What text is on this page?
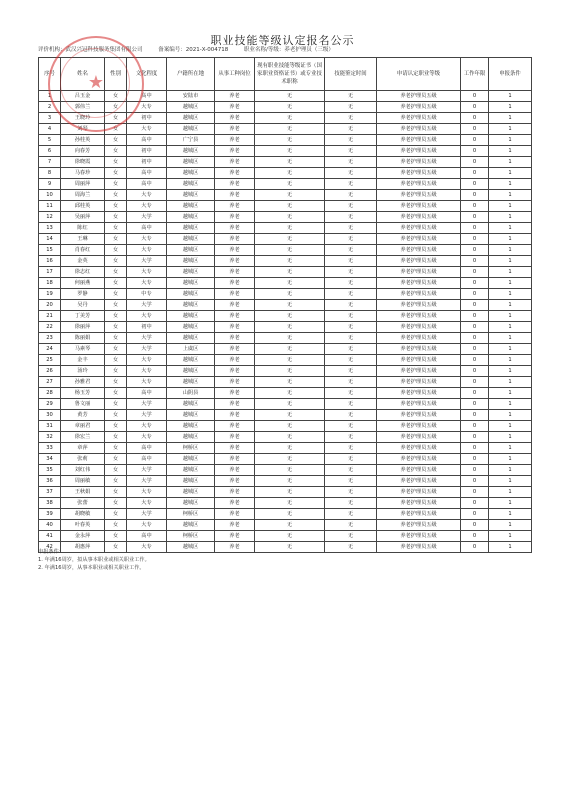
职业技能等级认定报名公示
评价机构：武汉兴冠科技服务集团有限公司	备案编号：2021-X-004718	职业名称/等级：养老护理员（三级）
序号	姓名	性别	文化程度	户籍所在地	从事工种岗位	现有职业技能等级证书（国家职业资格证书）或专业技术职称	技能鉴定时间	申请认定职业等级	工作年限	申报条件
1	吕玉金	女	高中	安陆市	养老	无	无	养老护理员五级	0	1
2	郭伟兰	女	大专	越城区	养老	无	无	养老护理员五级	0	1
3	王晓玲	女	初中	越城区	养老	无	无	养老护理员五级	0	1
4	刘琴	女	大专	越城区	养老	无	无	养老护理员五级	0	1
5	孙桂英	女	高中	广宁县	养老	无	无	养老护理员五级	0	1
6	向春芳	女	初中	越城区	养老	无	无	养老护理员五级	0	1
7	徐晓霞	女	初中	越城区	养老	无	无	养老护理员五级	0	1
8	马春珍	女	高中	越城区	养老	无	无	养老护理员五级	0	1
9	周丽萍	女	高中	越城区	养老	无	无	养老护理员五级	0	1
10	周海兰	女	大专	越城区	养老	无	无	养老护理员五级	0	1
11	邱桂英	女	大专	越城区	养老	无	无	养老护理员五级	0	1
12	吴丽萍	女	大学	越城区	养老	无	无	养老护理员五级	0	1
13	陈红	女	高中	越城区	养老	无	无	养老护理员五级	0	1
14	王琳	女	大专	越城区	养老	无	无	养老护理员五级	0	1
15	肖春红	女	大专	越城区	养老	无	无	养老护理员五级	0	1
16	金英	女	大学	越城区	养老	无	无	养老护理员五级	0	1
17	徐志红	女	大专	越城区	养老	无	无	养老护理员五级	0	1
18	何丽燕	女	大专	越城区	养老	无	无	养老护理员五级	0	1
19	罗静	女	中专	越城区	养老	无	无	养老护理员五级	0	1
20	吴丹	女	大学	越城区	养老	无	无	养老护理员五级	0	1
21	丁美芳	女	大专	越城区	养老	无	无	养老护理员五级	0	1
22	徐丽萍	女	初中	越城区	养老	无	无	养老护理员五级	0	1
23	陈丽娟	女	大学	越城区	养老	无	无	养老护理员五级	0	1
24	马素琴	女	大学	上虞区	养老	无	无	养老护理员五级	0	1
25	金丰	女	大专	越城区	养老	无	无	养老护理员五级	0	1
26	汤玲	女	大专	越城区	养老	无	无	养老护理员五级	0	1
27	孙雅君	女	大专	越城区	养老	无	无	养老护理员五级	0	1
28	杨玉芳	女	高中	山阴县	养老	无	无	养老护理员五级	0	1
29	鲁文丽	女	大学	越城区	养老	无	无	养老护理员五级	0	1
30	黄芳	女	大学	越城区	养老	无	无	养老护理员五级	0	1
31	章丽君	女	大专	越城区	养老	无	无	养老护理员五级	0	1
32	徐宏兰	女	大专	越城区	养老	无	无	养老护理员五级	0	1
33	章萍	女	高中	柯桥区	养老	无	无	养老护理员五级	0	1
34	张莉	女	高中	越城区	养老	无	无	养老护理员五级	0	1
35	刘红伟	女	大学	越城区	养老	无	无	养老护理员五级	0	1
36	周丽敏	女	大学	越城区	养老	无	无	养老护理员五级	0	1
37	王秋娟	女	大专	越城区	养老	无	无	养老护理员五级	0	1
38	张蕾	女	大专	越城区	养老	无	无	养老护理员五级	0	1
39	胡晓敏	女	大学	柯桥区	养老	无	无	养老护理员五级	0	1
40	叶春英	女	大专	越城区	养老	无	无	养老护理员五级	0	1
41	金永萍	女	高中	柯桥区	养老	无	无	养老护理员五级	0	1
42	胡惠萍	女	大专	越城区	养老	无	无	养老护理员五级	0	1
申报条件：
1. 年满16周岁，拟从事本职业或相关职业工作。
2. 年满16周岁，从事本职业或相关职业工作。
★
